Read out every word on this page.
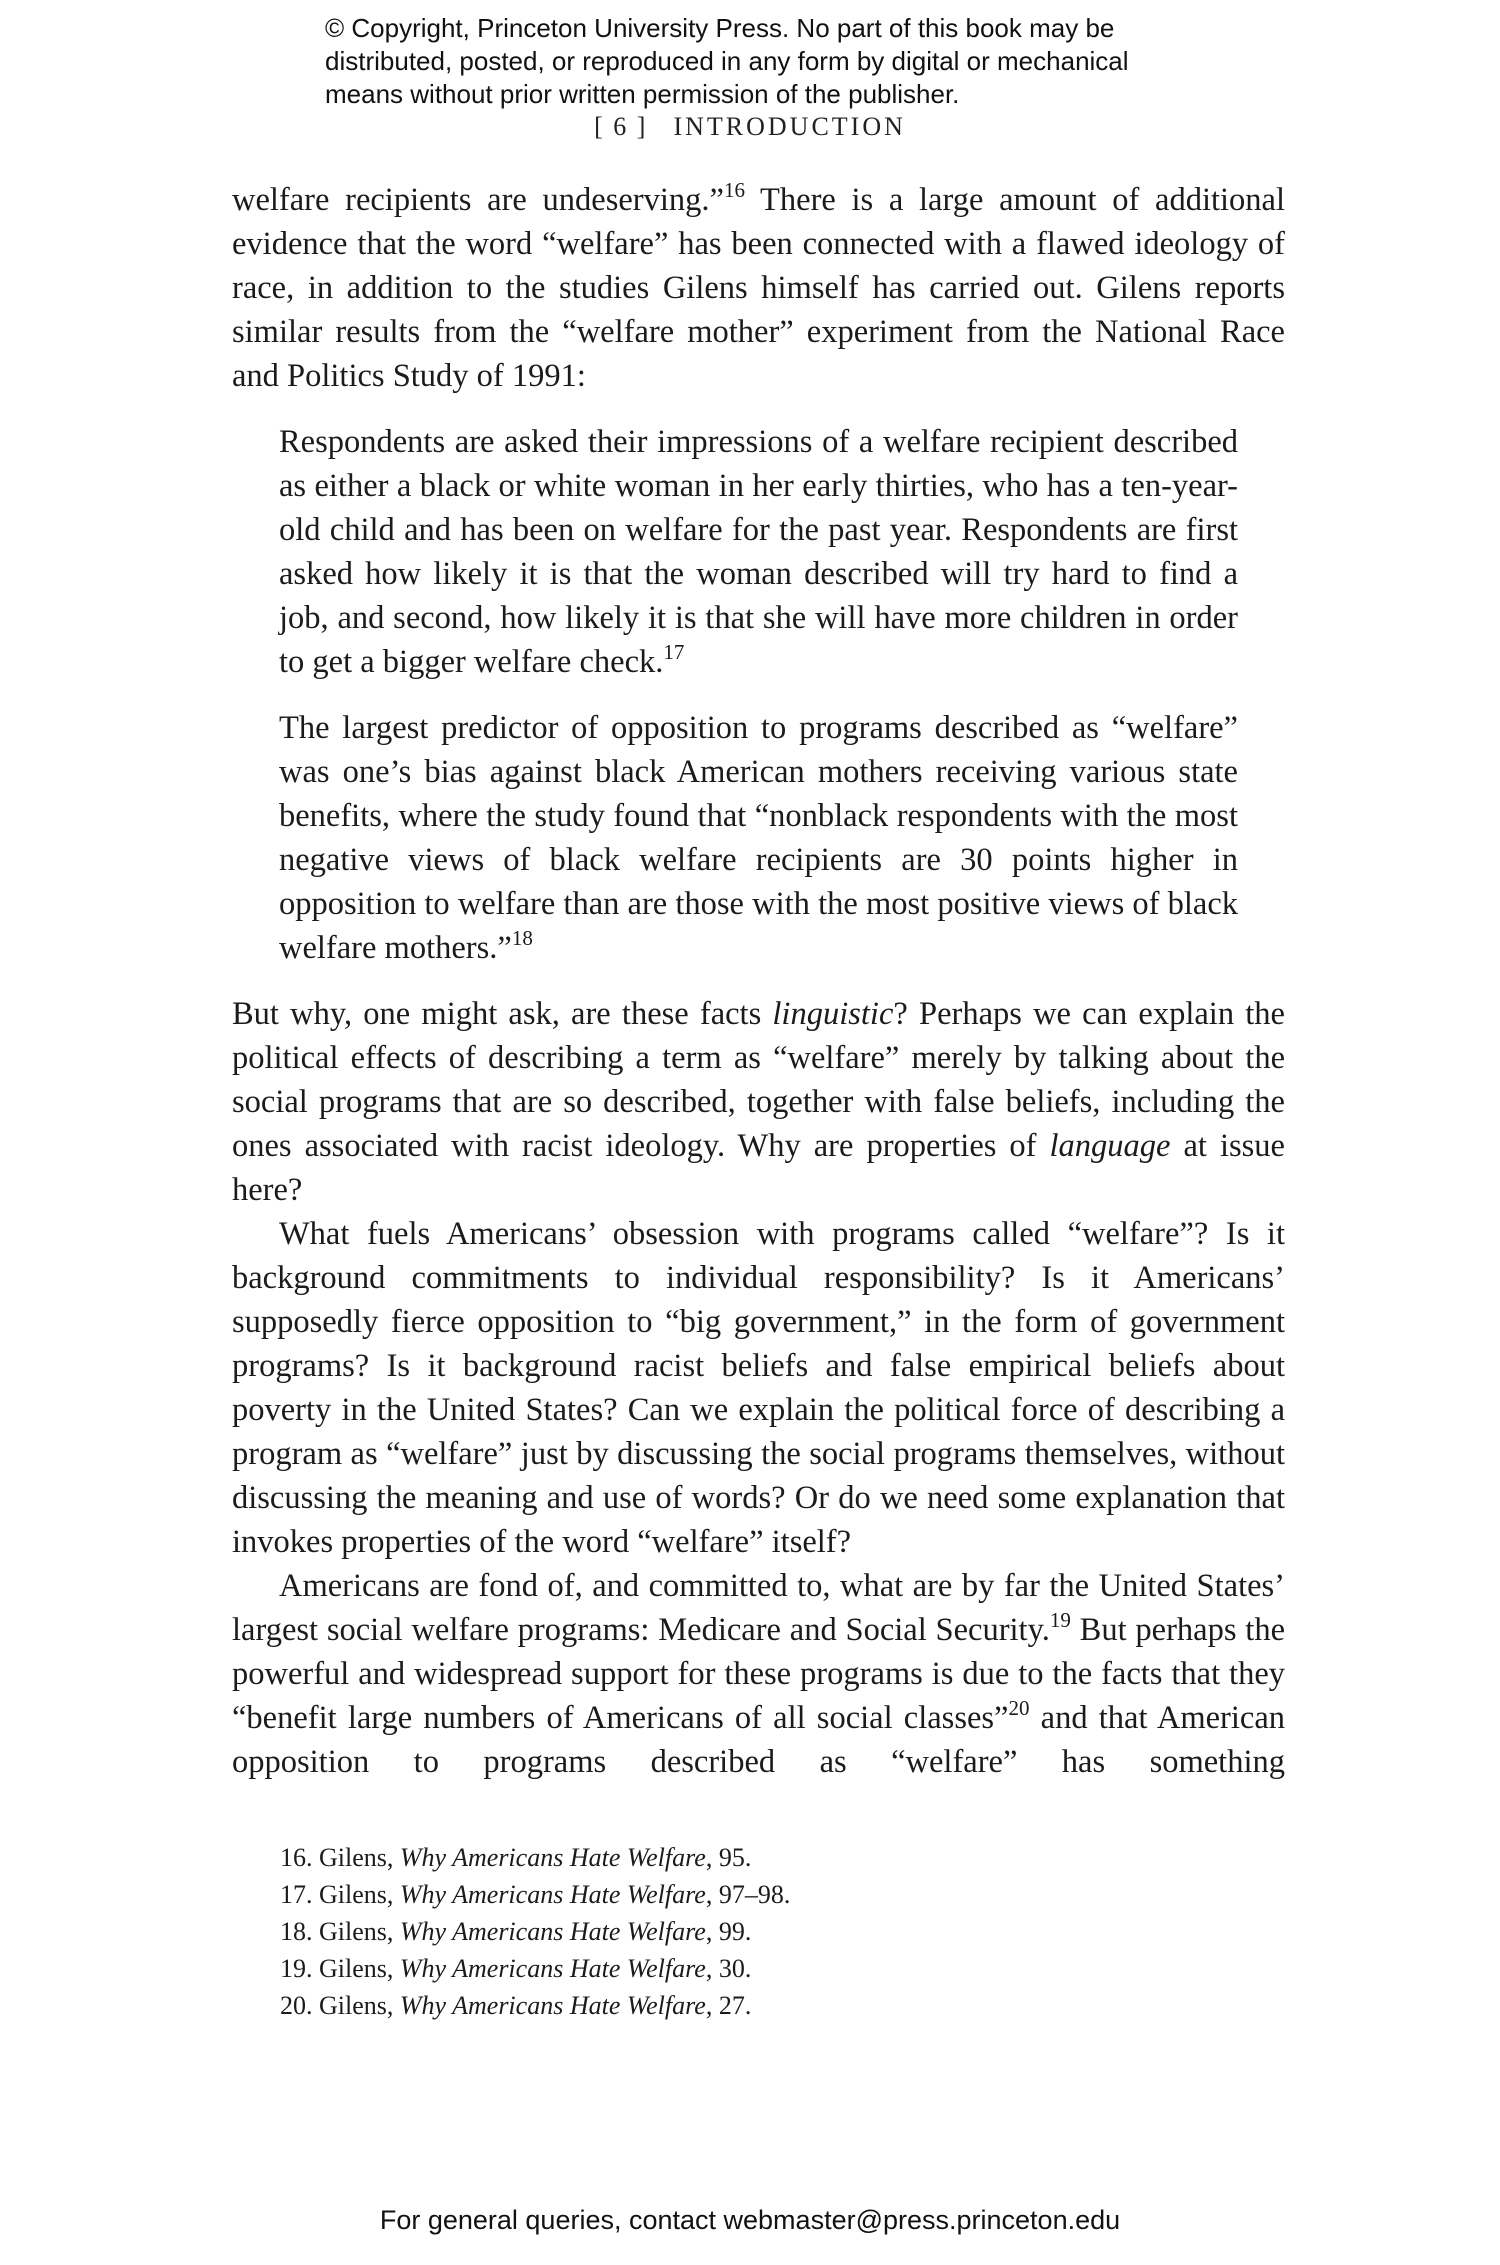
© Copyright, Princeton University Press. No part of this book may be
distributed, posted, or reproduced in any form by digital or mechanical
means without prior written permission of the publisher.
[ 6 ] INTRODUCTION

welfare recipients are undeserving.”$^{16}$ There is a large amount of additional evidence that the word “welfare” has been connected with a flawed ideology of race, in addition to the studies Gilens himself has carried out. Gilens reports similar results from the “welfare mother” experiment from the National Race and Politics Study of 1991:

Respondents are asked their impressions of a welfare recipient described as either a black or white woman in her early thirties, who has a ten-year-old child and has been on welfare for the past year. Respondents are first asked how likely it is that the woman described will try hard to find a job, and second, how likely it is that she will have more children in order to get a bigger welfare check.$^{17}$

The largest predictor of opposition to programs described as “welfare” was one’s bias against black American mothers receiving various state benefits, where the study found that “nonblack respondents with the most negative views of black welfare recipients are 30 points higher in opposition to welfare than are those with the most positive views of black welfare mothers.”$^{18}$

But why, one might ask, are these facts linguistic? Perhaps we can explain the political effects of describing a term as “welfare” merely by talking about the social programs that are so described, together with false beliefs, including the ones associated with racist ideology. Why are properties of language at issue here?

What fuels Americans’ obsession with programs called “welfare”? Is it background commitments to individual responsibility? Is it Americans’ supposedly fierce opposition to “big government,” in the form of government programs? Is it background racist beliefs and false empirical beliefs about poverty in the United States? Can we explain the political force of describing a program as “welfare” just by discussing the social programs themselves, without discussing the meaning and use of words? Or do we need some explanation that invokes properties of the word “welfare” itself?

Americans are fond of, and committed to, what are by far the United States’ largest social welfare programs: Medicare and Social Security.$^{19}$ But perhaps the powerful and widespread support for these programs is due to the facts that they “benefit large numbers of Americans of all social classes”$^{20}$ and that American opposition to programs described as “welfare” has something

16. Gilens, Why Americans Hate Welfare, 95.
17. Gilens, Why Americans Hate Welfare, 97–98.
18. Gilens, Why Americans Hate Welfare, 99.
19. Gilens, Why Americans Hate Welfare, 30.
20. Gilens, Why Americans Hate Welfare, 27.
For general queries, contact webmaster@press.princeton.edu
